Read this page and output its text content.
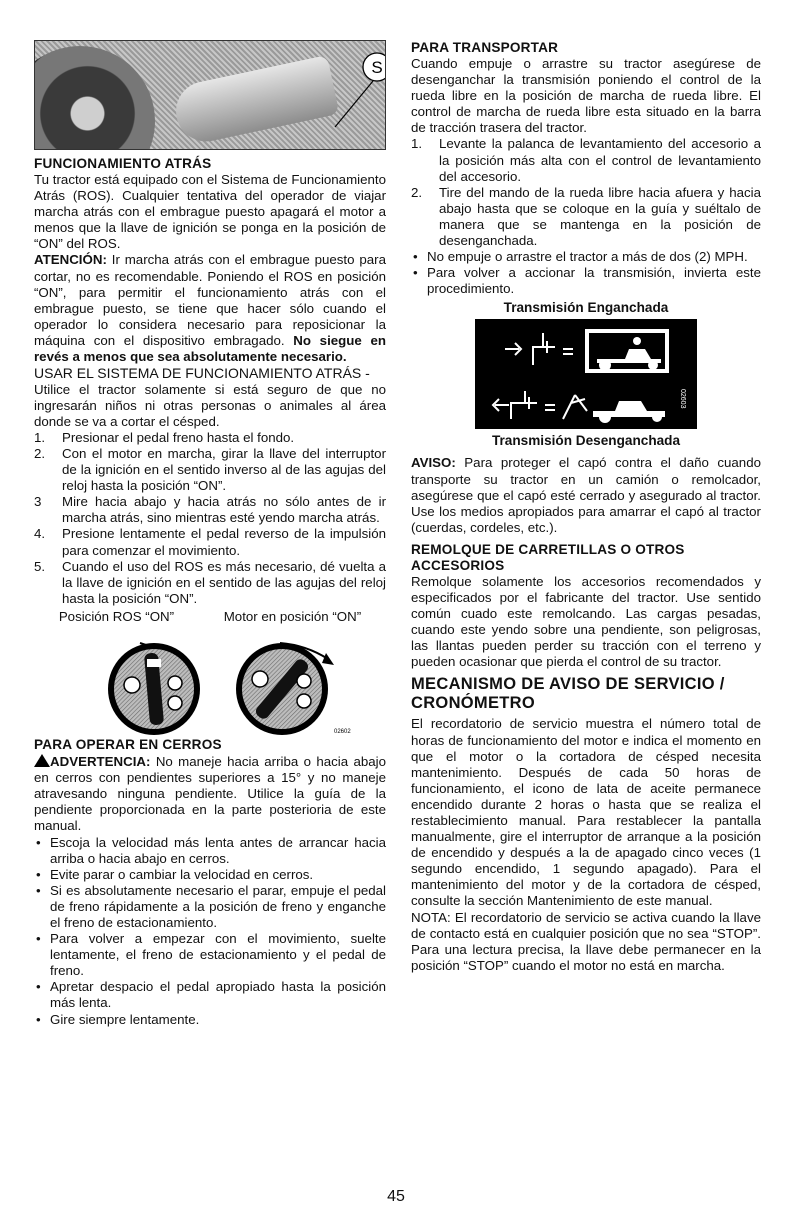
S
FUNCIONAMIENTO ATRÁS

Tu tractor está equipado con el Sistema de Funcionamiento Atrás (ROS). Cualquier tentativa del operador de viajar marcha atrás con el embrague puesto apagará el motor a menos que la llave de ignición se ponga en la posición de “ON” del ROS.

ATENCIÓN: Ir marcha atrás con el embrague puesto para cortar, no es recomendable. Poniendo el ROS en posición “ON”, para permitir el funcionamiento atrás con el embrague puesto, se tiene que hacer sólo cuando el operador lo considera necesario para reposicionar la máquina con el dispositivo embragado. No siegue en revés a menos que sea absolutamente necesario.

USAR EL SISTEMA DE FUNCIONAMIENTO ATRÁS -

Utilice el tractor solamente si está seguro de que no ingresarán niños ni otras personas o animales al área donde se va a cortar el césped.

1. Presionar el pedal freno hasta el fondo.
2. Con el motor en marcha, girar la llave del interruptor de la ignición en el sentido inverso al de las agujas del reloj hasta la posición “ON”.
3 Mire hacia abajo y hacia atrás no sólo antes de ir marcha atrás, sino mientras esté yendo marcha atrás.
4. Presione lentamente el pedal reverso de la impulsión para comenzar el movimiento.
5. Cuando el uso del ROS es más necesario, dé vuelta a la llave de ignición en el sentido de las agujas del reloj hasta la posición “ON”.
Posición ROS “ON”	Motor en posición “ON”
02602
PARA OPERAR EN CERROS

ADVERTENCIA: No maneje hacia arriba o hacia abajo en cerros con pendientes superiores a 15° y no maneje atravesando ninguna pendiente. Utilice la guía de la pendiente proporcionada en la parte posterioria de este manual.

• Escoja la velocidad más lenta antes de arrancar hacia arriba o hacia abajo en cerros.
• Evite parar o cambiar la velocidad en cerros.
• Si es absolutamente necesario el parar, empuje el pedal de freno rápidamente a la posición de freno y enganche el freno de estacionamiento.
• Para volver a empezar con el movimiento, suelte lentamente, el freno de estacionamiento y el pedal de freno.
• Apretar despacio el pedal apropiado hasta la posición más lenta.
• Gire siempre lentamente.
PARA TRANSPORTAR

Cuando empuje o arrastre su tractor asegúrese de desenganchar la transmisión poniendo el control de la rueda libre en la posición de marcha de rueda libre. El control de marcha de rueda libre esta situado en la barra de tracción trasera del tractor.

1. Levante la palanca de levantamiento del accesorio a la posición más alta con el control de levantamiento del accesorio.
2. Tire del mando de la rueda libre hacia afuera y hacia abajo hasta que se coloque en la guía y suéltalo de manera que se mantenga en la posición de desenganchada.
• No empuje o arrastre el tractor a más de dos (2) MPH.
• Para volver a accionar la transmisión, invierta este procedimiento.
Transmisión Enganchada
02603
Transmisión Desenganchada

AVISO: Para proteger el capó contra el daño cuando transporte su tractor en un camión o remolcador, asegúrese que el capó esté cerrado y asegurado al tractor. Use los medios apropiados para amarrar el capó al tractor (cuerdas, cordeles, etc.).

REMOLQUE DE CARRETILLAS O OTROS ACCESORIOS

Remolque solamente los accesorios recomendados y especificados por el fabricante del tractor. Use sentido común cuado este remolcando. Las cargas pesadas, cuando este yendo sobre una pendiente, son peligrosas, las llantas pueden perder su tracción con el terreno y pueden ocasionar que pierda el control de su tractor.

MECANISMO DE AVISO DE SERVICIO / CRONÓMETRO

El recordatorio de servicio muestra el número total de horas de funcionamiento del motor e indica el momento en que el motor o la cortadora de césped necesita mantenimiento. Después de cada 50 horas de funcionamiento, el icono de lata de aceite permanece encendido durante 2 horas o hasta que se realiza el restablecimiento manual. Para restablecer la pantalla manualmente, gire el interruptor de arranque a la posición de encendido y después a la de apagado cinco veces (1 segundo encendido, 1 segundo apagado). Para el mantenimiento del motor y de la cortadora de césped, consulte la sección Mantenimiento de este manual.

NOTA: El recordatorio de servicio se activa cuando la llave de contacto está en cualquier posición que no sea “STOP”. Para una lectura precisa, la llave debe permanecer en la posición “STOP” cuando el motor no está en marcha.

45
